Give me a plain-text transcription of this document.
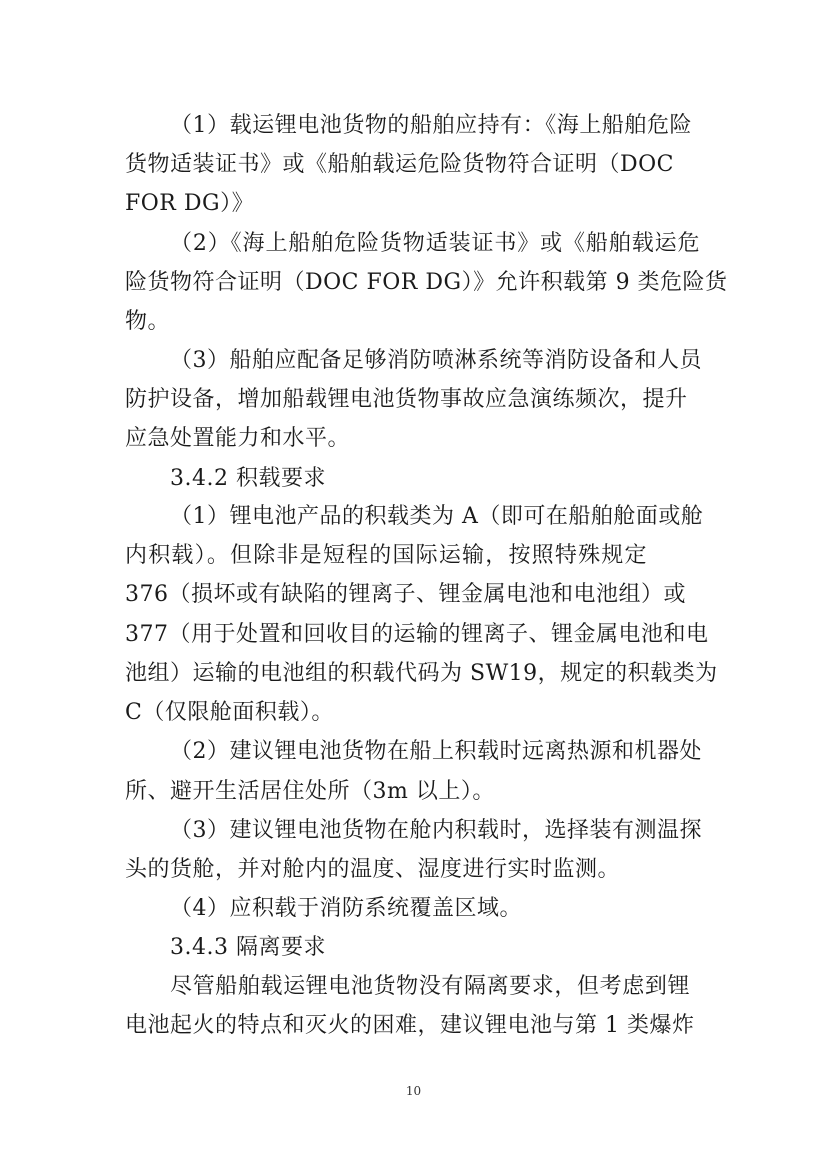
（1）载运锂电池货物的船舶应持有：《海上船舶危险
货物适装证书》或《船舶载运危险货物符合证明（DOC
FOR DG）》
（2）《海上船舶危险货物适装证书》或《船舶载运危
险货物符合证明（DOC FOR DG）》允许积载第 9 类危险货
物。
（3）船舶应配备足够消防喷淋系统等消防设备和人员
防护设备，增加船载锂电池货物事故应急演练频次，提升
应急处置能力和水平。
3.4.2 积载要求
（1）锂电池产品的积载类为 A（即可在船舶舱面或舱
内积载）。但除非是短程的国际运输，按照特殊规定
376（损坏或有缺陷的锂离子、锂金属电池和电池组）或
377（用于处置和回收目的运输的锂离子、锂金属电池和电
池组）运输的电池组的积载代码为 SW19，规定的积载类为
C（仅限舱面积载）。
（2）建议锂电池货物在船上积载时远离热源和机器处
所、避开生活居住处所（3m 以上）。
（3）建议锂电池货物在舱内积载时，选择装有测温探
头的货舱，并对舱内的温度、湿度进行实时监测。
（4）应积载于消防系统覆盖区域。
3.4.3 隔离要求
尽管船舶载运锂电池货物没有隔离要求，但考虑到锂
电池起火的特点和灭火的困难，建议锂电池与第 1 类爆炸
10
